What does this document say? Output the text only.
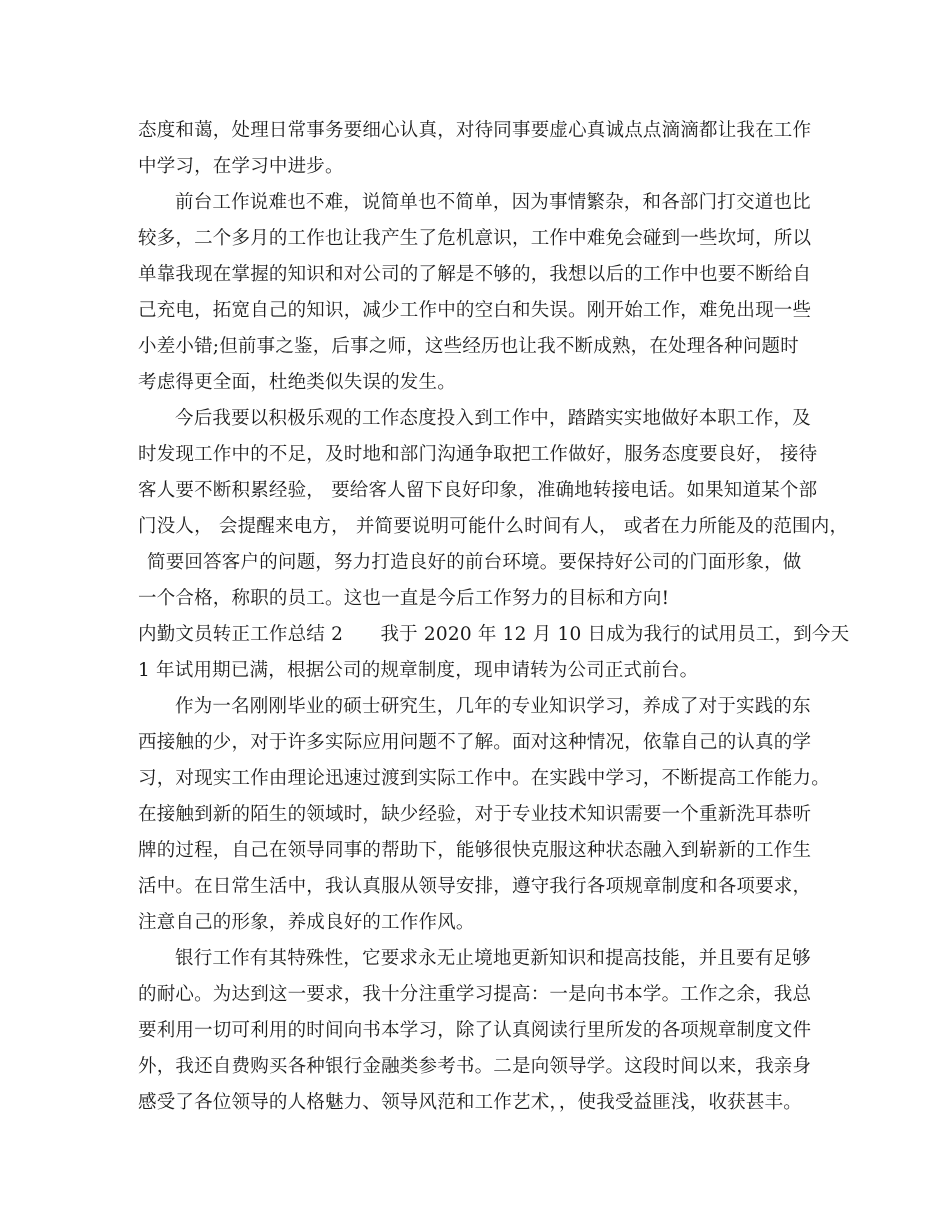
态度和蔼，处理日常事务要细心认真，对待同事要虚心真诚点点滴滴都让我在工作
中学习，在学习中进步。
前台工作说难也不难，说简单也不简单，因为事情繁杂，和各部门打交道也比
较多，二个多月的工作也让我产生了危机意识，工作中难免会碰到一些坎坷，所以
单靠我现在掌握的知识和对公司的了解是不够的，我想以后的工作中也要不断给自
己充电，拓宽自己的知识，减少工作中的空白和失误。刚开始工作，难免出现一些
小差小错;但前事之鉴，后事之师，这些经历也让我不断成熟，在处理各种问题时
考虑得更全面，杜绝类似失误的发生。
今后我要以积极乐观的工作态度投入到工作中，踏踏实实地做好本职工作，及
时发现工作中的不足，及时地和部门沟通争取把工作做好，服务态度要良好， 接待
客人要不断积累经验， 要给客人留下良好印象，准确地转接电话。如果知道某个部
门没人， 会提醒来电方， 并简要说明可能什么时间有人， 或者在力所能及的范围内，
简要回答客户的问题，努力打造良好的前台环境。要保持好公司的门面形象，做
一个合格，称职的员工。这也一直是今后工作努力的目标和方向!
内勤文员转正工作总结 2　　我于 2020 年 12 月 10 日成为我行的试用员工，到今天
1 年试用期已满，根据公司的规章制度，现申请转为公司正式前台。
作为一名刚刚毕业的硕士研究生，几年的专业知识学习，养成了对于实践的东
西接触的少，对于许多实际应用问题不了解。面对这种情况，依靠自己的认真的学
习，对现实工作由理论迅速过渡到实际工作中。在实践中学习，不断提高工作能力。
在接触到新的陌生的领域时，缺少经验，对于专业技术知识需要一个重新洗耳恭听
牌的过程，自己在领导同事的帮助下，能够很快克服这种状态融入到崭新的工作生
活中。在日常生活中，我认真服从领导安排，遵守我行各项规章制度和各项要求，
注意自己的形象，养成良好的工作作风。
银行工作有其特殊性，它要求永无止境地更新知识和提高技能，并且要有足够
的耐心。为达到这一要求，我十分注重学习提高：一是向书本学。工作之余，我总
要利用一切可利用的时间向书本学习，除了认真阅读行里所发的各项规章制度文件
外，我还自费购买各种银行金融类参考书。二是向领导学。这段时间以来，我亲身
感受了各位领导的人格魅力、领导风范和工作艺术，，使我受益匪浅，收获甚丰。
